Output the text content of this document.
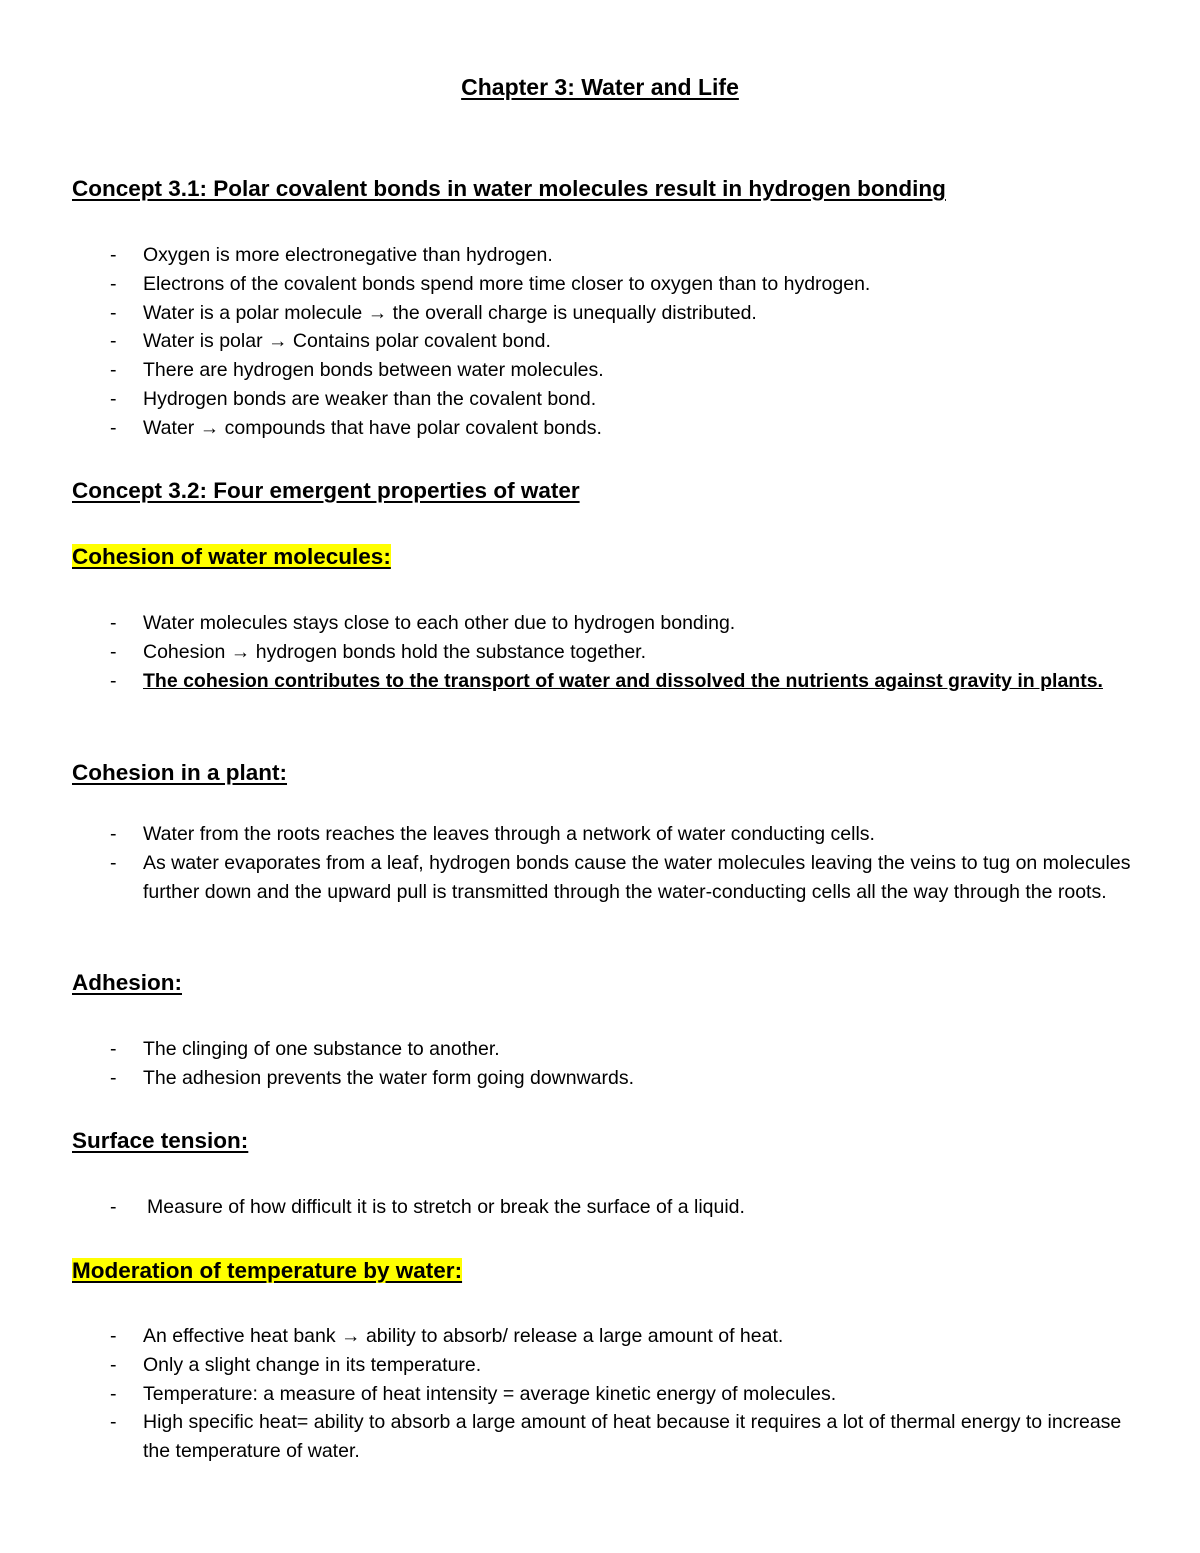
Chapter 3: Water and Life
Concept 3.1: Polar covalent bonds in water molecules result in hydrogen bonding
- Oxygen is more electronegative than hydrogen.
- Electrons of the covalent bonds spend more time closer to oxygen than to hydrogen.
- Water is a polar molecule → the overall charge is unequally distributed.
- Water is polar → Contains polar covalent bond.
- There are hydrogen bonds between water molecules.
- Hydrogen bonds are weaker than the covalent bond.
- Water → compounds that have polar covalent bonds.
Concept 3.2: Four emergent properties of water
Cohesion of water molecules:
- Water molecules stays close to each other due to hydrogen bonding.
- Cohesion → hydrogen bonds hold the substance together.
- The cohesion contributes to the transport of water and dissolved the nutrients against gravity in plants.
Cohesion in a plant:
- Water from the roots reaches the leaves through a network of water conducting cells.
- As water evaporates from a leaf, hydrogen bonds cause the water molecules leaving the veins to tug on molecules further down and the upward pull is transmitted through the water-conducting cells all the way through the roots.
Adhesion:
- The clinging of one substance to another.
- The adhesion prevents the water form going downwards.
Surface tension:
- Measure of how difficult it is to stretch or break the surface of a liquid.
Moderation of temperature by water:
- An effective heat bank → ability to absorb/ release a large amount of heat.
- Only a slight change in its temperature.
- Temperature: a measure of heat intensity = average kinetic energy of molecules.
- High specific heat= ability to absorb a large amount of heat because it requires a lot of thermal energy to increase the temperature of water.
